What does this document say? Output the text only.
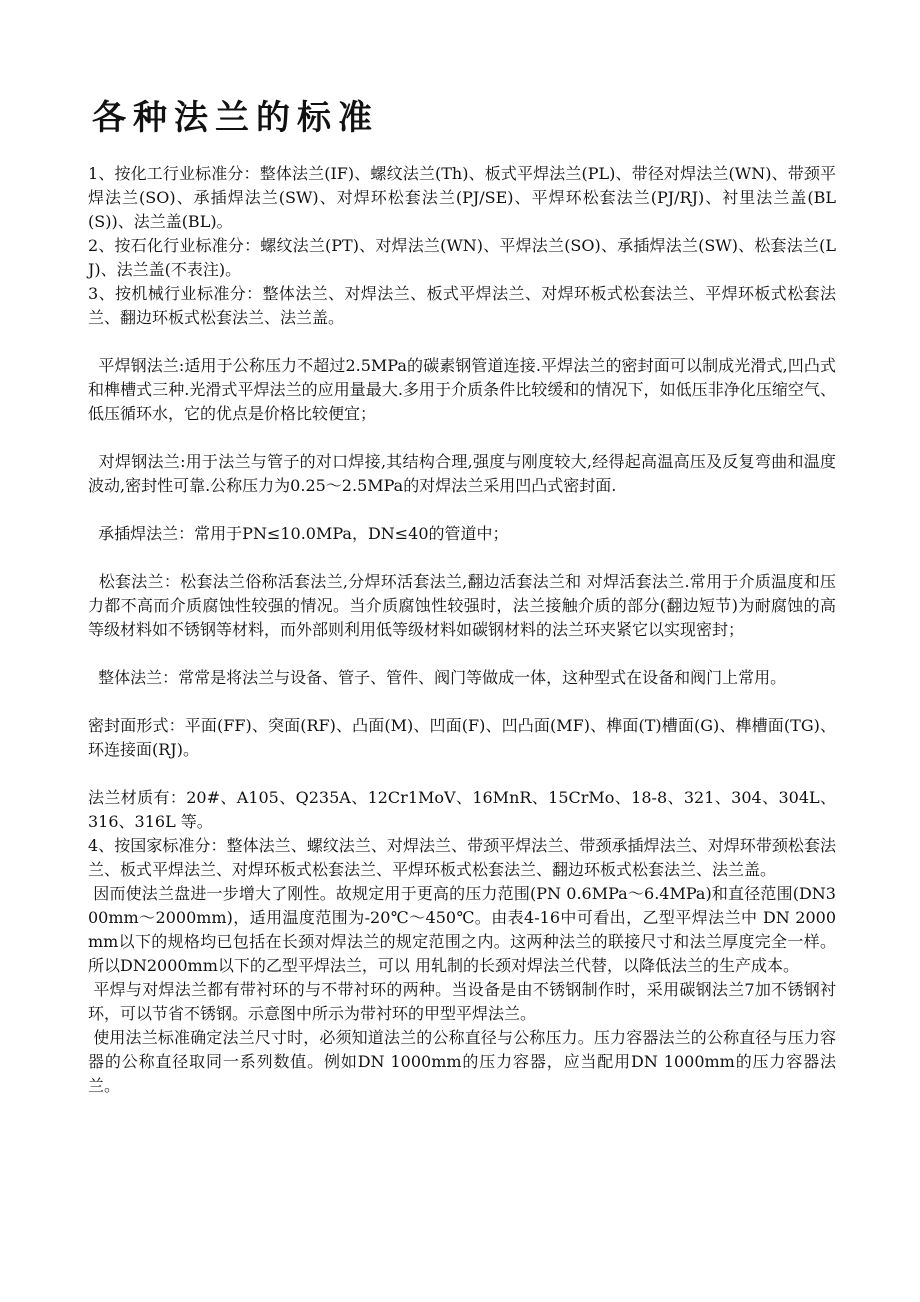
各种法兰的标准

1、按化工行业标准分：整体法兰(IF)、螺纹法兰(Th)、板式平焊法兰(PL)、带径对焊法兰(WN)、带颈平焊法兰(SO)、承插焊法兰(SW)、对焊环松套法兰(PJ/SE)、平焊环松套法兰(PJ/RJ)、衬里法兰盖(BL(S))、法兰盖(BL)。

2、按石化行业标准分：螺纹法兰(PT)、对焊法兰(WN)、平焊法兰(SO)、承插焊法兰(SW)、松套法兰(LJ)、法兰盖(不表注)。

3、按机械行业标准分：整体法兰、对焊法兰、板式平焊法兰、对焊环板式松套法兰、平焊环板式松套法兰、翻边环板式松套法兰、法兰盖。

平焊钢法兰:适用于公称压力不超过2.5MPa的碳素钢管道连接.平焊法兰的密封面可以制成光滑式,凹凸式和榫槽式三种.光滑式平焊法兰的应用量最大.多用于介质条件比较缓和的情况下，如低压非净化压缩空气、低压循环水，它的优点是价格比较便宜；

对焊钢法兰:用于法兰与管子的对口焊接,其结构合理,强度与刚度较大,经得起高温高压及反复弯曲和温度波动,密封性可靠.公称压力为0.25～2.5MPa的对焊法兰采用凹凸式密封面.

承插焊法兰：常用于PN≤10.0MPa，DN≤40的管道中；

松套法兰：松套法兰俗称活套法兰,分焊环活套法兰,翻边活套法兰和 对焊活套法兰.常用于介质温度和压力都不高而介质腐蚀性较强的情况。当介质腐蚀性较强时，法兰接触介质的部分(翻边短节)为耐腐蚀的高等级材料如不锈钢等材料，而外部则利用低等级材料如碳钢材料的法兰环夹紧它以实现密封；

整体法兰：常常是将法兰与设备、管子、管件、阀门等做成一体，这种型式在设备和阀门上常用。

密封面形式：平面(FF)、突面(RF)、凸面(M)、凹面(F)、凹凸面(MF)、榫面(T)槽面(G)、榫槽面(TG)、环连接面(RJ)。

法兰材质有：20#、A105、Q235A、12Cr1MoV、16MnR、15CrMo、18-8、321、304、304L、316、316L 等。

4、按国家标准分：整体法兰、螺纹法兰、对焊法兰、带颈平焊法兰、带颈承插焊法兰、对焊环带颈松套法兰、板式平焊法兰、对焊环板式松套法兰、平焊环板式松套法兰、翻边环板式松套法兰、法兰盖。

因而使法兰盘进一步增大了刚性。故规定用于更高的压力范围(PN 0.6MPa～6.4MPa)和直径范围(DN300mm～2000mm)，适用温度范围为-20℃～450℃。由表4-16中可看出，乙型平焊法兰中 DN 2000mm以下的规格均已包括在长颈对焊法兰的规定范围之内。这两种法兰的联接尺寸和法兰厚度完全一样。所以DN2000mm以下的乙型平焊法兰，可以 用轧制的长颈对焊法兰代替，以降低法兰的生产成本。

平焊与对焊法兰都有带衬环的与不带衬环的两种。当设备是由不锈钢制作时，采用碳钢法兰7加不锈钢衬环，可以节省不锈钢。示意图中所示为带衬环的甲型平焊法兰。

使用法兰标准确定法兰尺寸时，必须知道法兰的公称直径与公称压力。压力容器法兰的公称直径与压力容器的公称直径取同一系列数值。例如DN 1000mm的压力容器，应当配用DN 1000mm的压力容器法兰。
